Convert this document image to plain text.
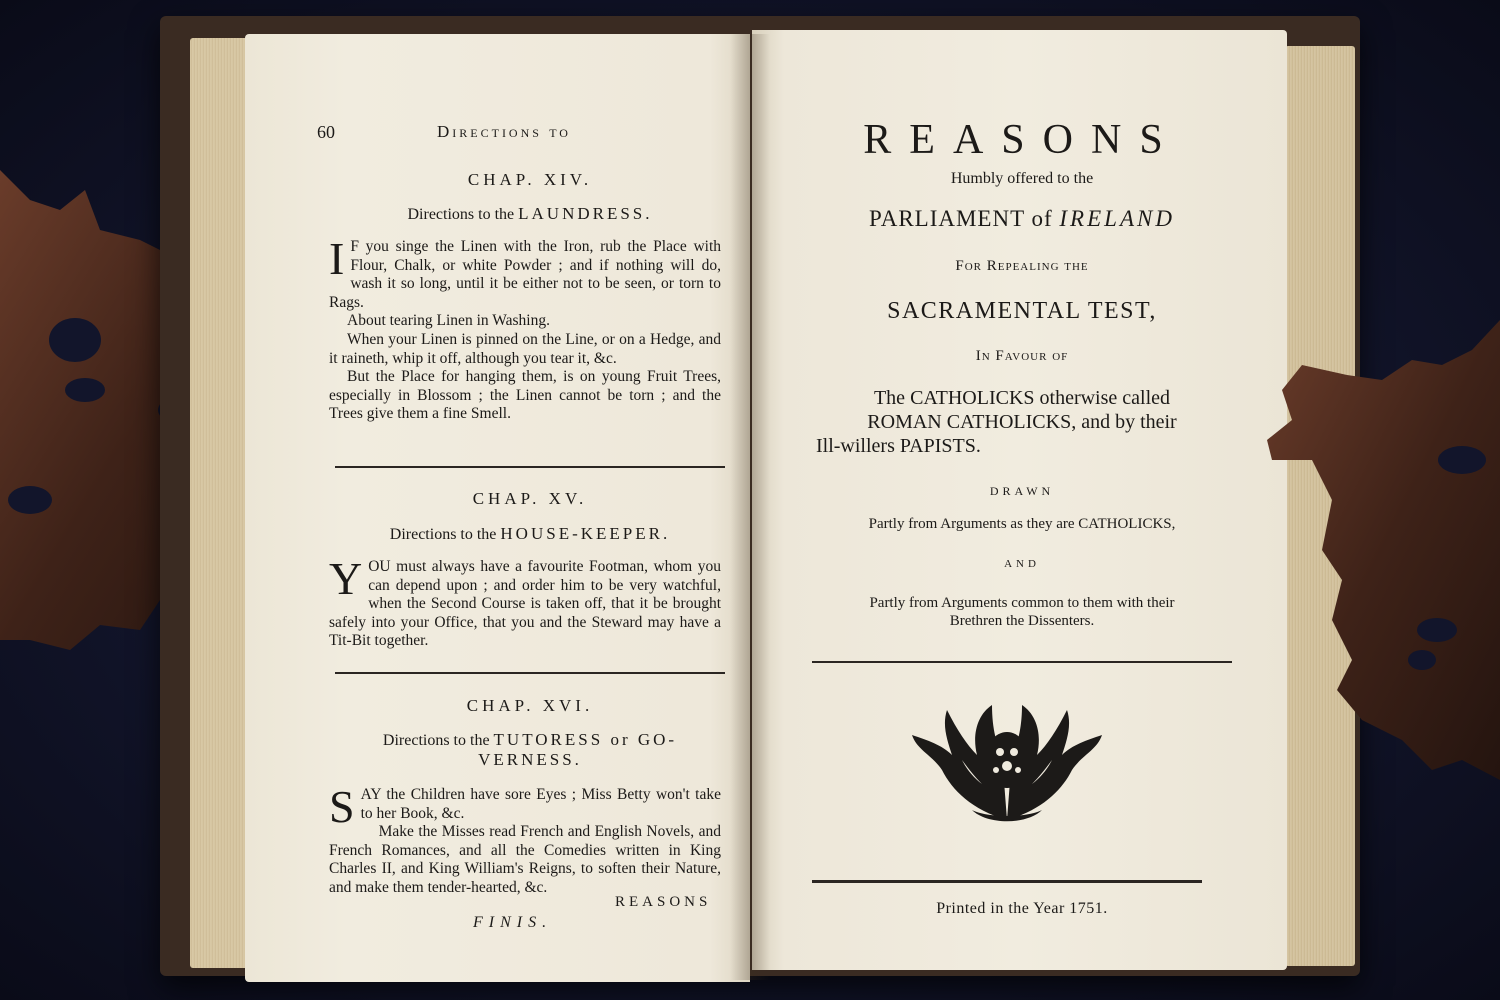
60	Directions to
CHAP. XIV.
Directions to the LAUNDRESS.

I F you singe the Linen with the Iron, rub the Place with Flour, Chalk, or white Powder ; and if nothing will do, wash it so long, until it be either not to be seen, or torn to Rags.

About tearing Linen in Washing.

When your Linen is pinned on the Line, or on a Hedge, and it raineth, whip it off, although you tear it, &c.

But the Place for hanging them, is on young Fruit Trees, especially in Blossom ; the Linen cannot be torn ; and the Trees give them a fine Smell.

CHAP. XV.
Directions to the HOUSE-KEEPER.

YOU must always have a favourite Footman, whom you can depend upon ; and order him to be very watchful, when the Second Course is taken off, that it be brought safely into your Office, that you and the Steward may have a Tit-Bit together.

CHAP. XVI.
Directions to the TUTORESS or GO-VERNESS.

SAY the Children have sore Eyes ; Miss Betty won't take to her Book, &c.

Make the Misses read French and English Novels, and French Romances, and all the Comedies written in King Charles II, and King William's Reigns, to soften their Nature, and make them tender-hearted, &c.

REASONS
FINIS.
REASONS
Humbly offered to the
PARLIAMENT of IRELAND
For Repealing the
SACRAMENTAL TEST,
In Favour of
The CATHOLICKS otherwise called
ROMAN CATHOLICKS, and by their
Ill-willers PAPISTS.
DRAWN
Partly from Arguments as they are CATHOLICKS,
AND
Partly from Arguments common to them with their
Brethren the Dissenters.
Printed in the Year 1751.
